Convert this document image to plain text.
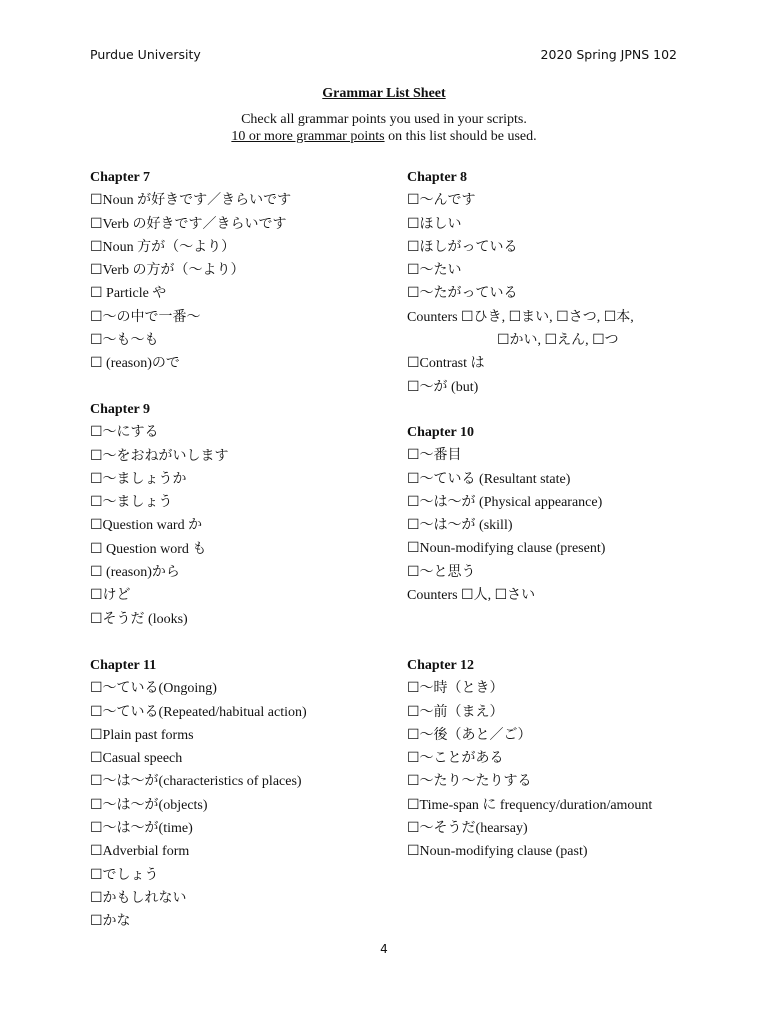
Purdue University	2020 Spring JPNS 102
Grammar List Sheet
Check all grammar points you used in your scripts.
10 or more grammar points on this list should be used.
Chapter 7
☐Noun が好きです／きらいです
☐Verb の好きです／きらいです
☐Noun 方が（〜より）
☐Verb の方が（〜より）
☐ Particle や
☐〜の中で一番〜
☐〜も〜も
☐ (reason)ので
Chapter 8
☐〜んです
☐ほしい
☐ほしがっている
☐〜たい
☐〜たがっている
Counters ☐ひき, ☐まい, ☐さつ, ☐本,
☐かい, ☐えん, ☐つ
☐Contrast は
☐〜が (but)
Chapter 9
☐〜にする
☐〜をおねがいします
☐〜ましょうか
☐〜ましょう
☐Question ward か
☐ Question word も
☐ (reason)から
☐けど
☐そうだ (looks)
Chapter 10
☐〜番目
☐〜ている (Resultant state)
☐〜は〜が (Physical appearance)
☐〜は〜が (skill)
☐Noun-modifying clause (present)
☐〜と思う
Counters ☐人, ☐さい
Chapter 11
☐〜ている(Ongoing)
☐〜ている(Repeated/habitual action)
☐Plain past forms
☐Casual speech
☐〜は〜が(characteristics of places)
☐〜は〜が(objects)
☐〜は〜が(time)
☐Adverbial form
☐でしょう
☐かもしれない
☐かな
Chapter 12
☐〜時（とき）
☐〜前（まえ）
☐〜後（あと／ご）
☐〜ことがある
☐〜たり〜たりする
☐Time-span に frequency/duration/amount
☐〜そうだ(hearsay)
☐Noun-modifying clause (past)
4
